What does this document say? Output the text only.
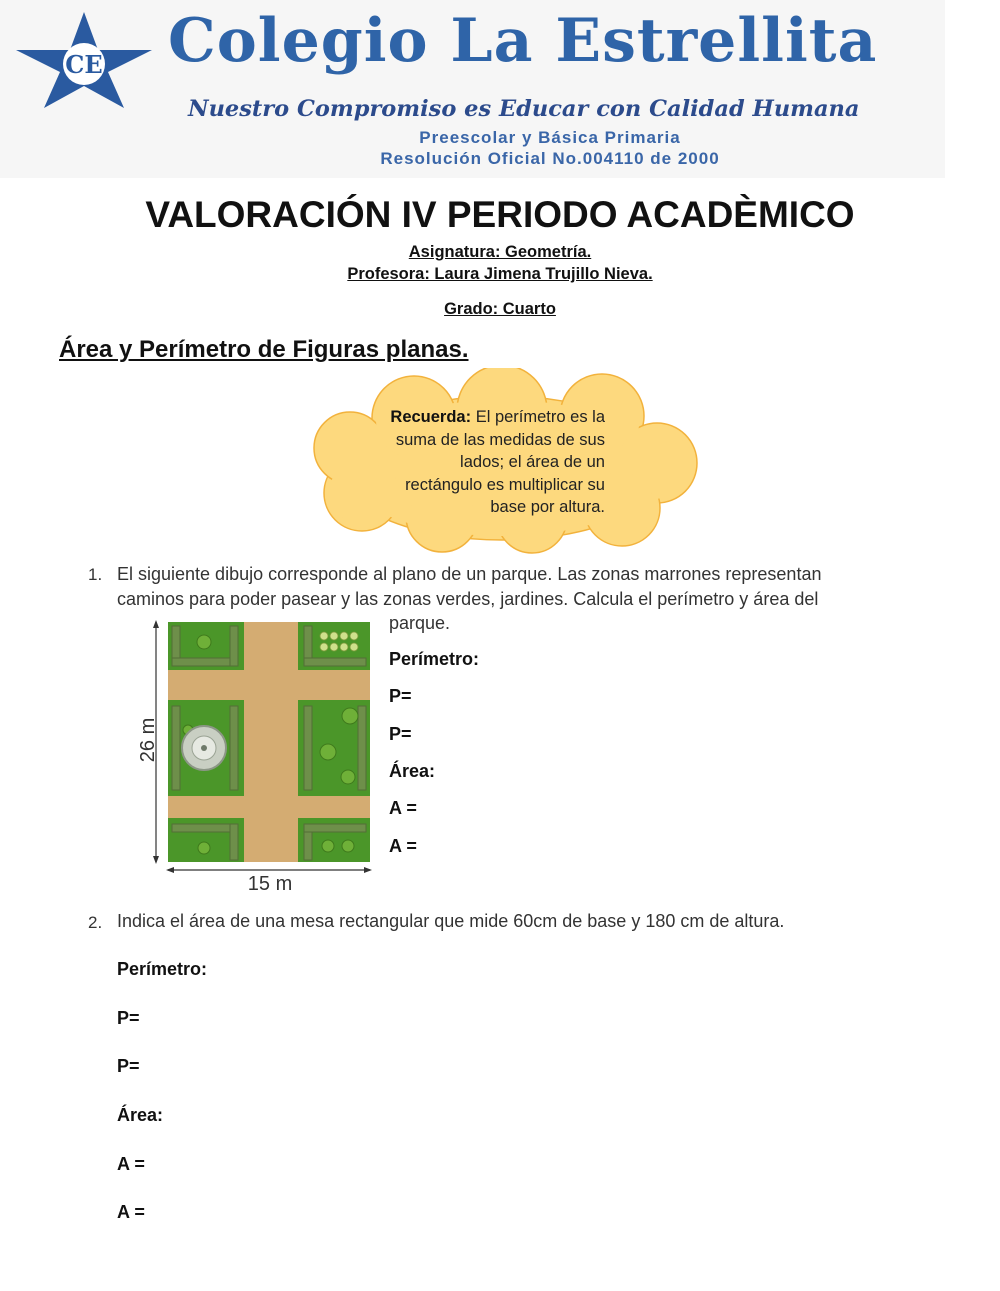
CE Colegio La Estrellita
Nuestro Compromiso es Educar con Calidad Humana
Preescolar y Básica Primaria
Resolución Oficial No.004110 de 2000
VALORACIÓN IV PERIODO ACADÈMICO
Asignatura: Geometría.
Profesora: Laura Jimena Trujillo Nieva.
Grado: Cuarto
Área y Perímetro de Figuras planas.
Recuerda: El perímetro es la suma de las medidas de sus lados; el área de un rectángulo es multiplicar su base por altura.
1. El siguiente dibujo corresponde al plano de un parque. Las zonas marrones representan
caminos para poder pasear y las zonas verdes, jardines. Calcula el perímetro y área del
parque.
26 m
15 m
Perímetro:
P=
P=
Área:
A =
A =
2. Indica el área de una mesa rectangular que mide 60cm de base y 180 cm de altura.
Perímetro:
P=
P=
Área:
A =
A =
